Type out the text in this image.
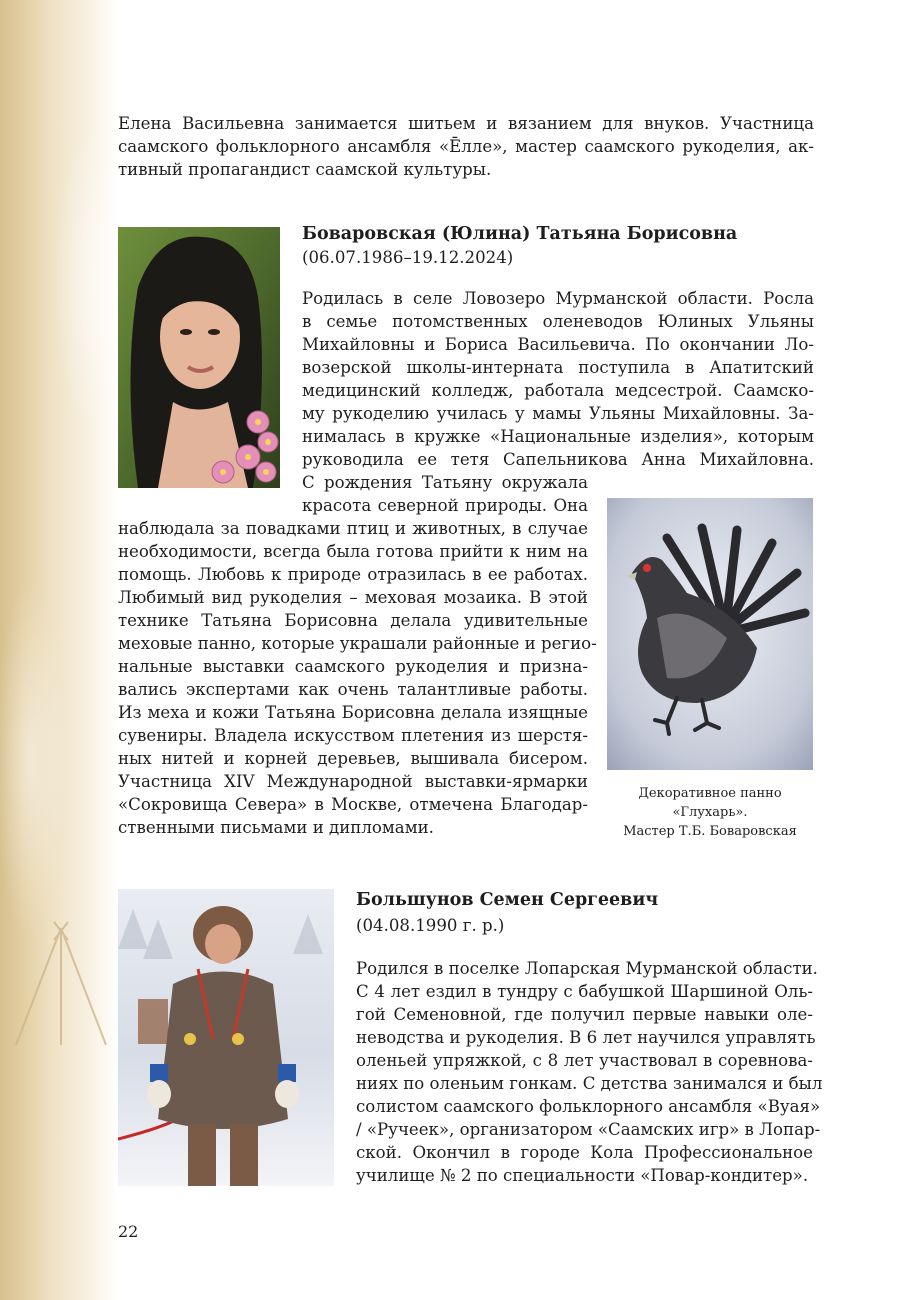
Елена Васильевна занимается шитьем и вязанием для внуков. Участница
саамского фольклорного ансамбля «Ēлле», мастер саамского рукоделия, ак-
тивный пропагандист саамской культуры.

Боваровская (Юлина) Татьяна Борисовна

(06.07.1986–19.12.2024)

Родилась в селе Ловозеро Мурманской области. Росла
в семье потомственных оленеводов Юлиных Ульяны
Михайловны и Бориса Васильевича. По окончании Ло-
возерской школы-интерната поступила в Апатитский
медицинский колледж, работала медсестрой. Саамско-
му рукоделию училась у мамы Ульяны Михайловны. За-
нималась в кружке «Национальные изделия», которым
руководила ее тетя Сапельникова Анна Михайловна.
С рождения Татьяну окружала
красота северной природы. Она

наблюдала за повадками птиц и животных, в случае
необходимости, всегда была готова прийти к ним на
помощь. Любовь к природе отразилась в ее работах.
Любимый вид рукоделия – меховая мозаика. В этой
технике Татьяна Борисовна делала удивительные
меховые панно, которые украшали районные и регио-
нальные выставки саамского рукоделия и призна-
вались экспертами как очень талантливые работы.
Из меха и кожи Татьяна Борисовна делала изящные
сувениры. Владела искусством плетения из шерстя-
ных нитей и корней деревьев, вышивала бисером.
Участница XIV Международной выставки-ярмарки
«Сокровища Севера» в Москве, отмечена Благодар-
ственными письмами и дипломами.

Декоративное панно
«Глухарь».
Мастер Т.Б. Боваровская

Большунов Семен Сергеевич

(04.08.1990 г. р.)

Родился в поселке Лопарская Мурманской области.
С 4 лет ездил в тундру с бабушкой Шаршиной Оль-
гой Семеновной, где получил первые навыки оле-
неводства и рукоделия. В 6 лет научился управлять
оленьей упряжкой, с 8 лет участвовал в соревнова-
ниях по оленьим гонкам. С детства занимался и был
солистом саамского фольклорного ансамбля «Вуая»
/ «Ручеек», организатором «Саамских игр» в Лопар-
ской. Окончил в городе Кола Профессиональное
училище № 2 по специальности «Повар-кондитер».

22
